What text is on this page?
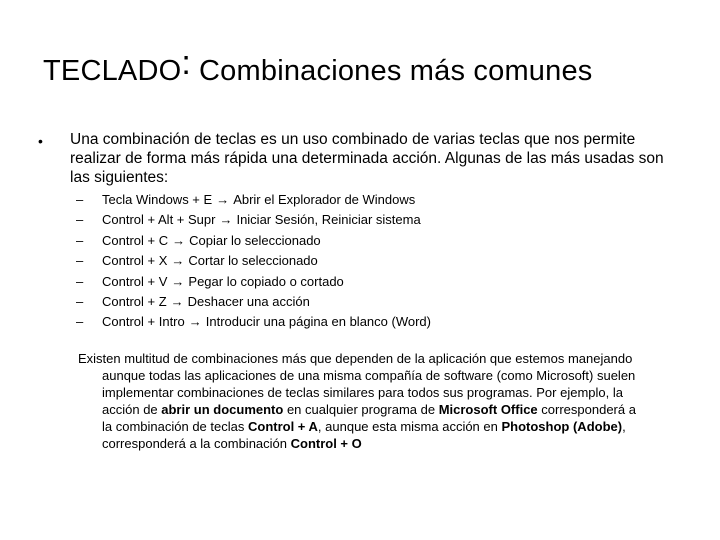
TECLADO: Combinaciones más comunes
• Una combinación de teclas es un uso combinado de varias teclas que nos permite realizar de forma más rápida una determinada acción. Algunas de las más usadas son las siguientes:
– Tecla Windows + E → Abrir el Explorador de Windows
– Control + Alt + Supr → Iniciar Sesión, Reiniciar sistema
– Control + C → Copiar lo seleccionado
– Control + X → Cortar lo seleccionado
– Control + V → Pegar lo copiado o cortado
– Control + Z → Deshacer una acción
– Control + Intro → Introducir una página en blanco (Word)
Existen multitud de combinaciones más que dependen de la aplicación que estemos manejando
aunque todas las aplicaciones de una misma compañía de software (como Microsoft) suelen
implementar combinaciones de teclas similares para todos sus programas. Por ejemplo, la
acción de abrir un documento en cualquier programa de Microsoft Office corresponderá a
la combinación de teclas Control + A, aunque esta misma acción en Photoshop (Adobe),
corresponderá a la combinación Control + O
